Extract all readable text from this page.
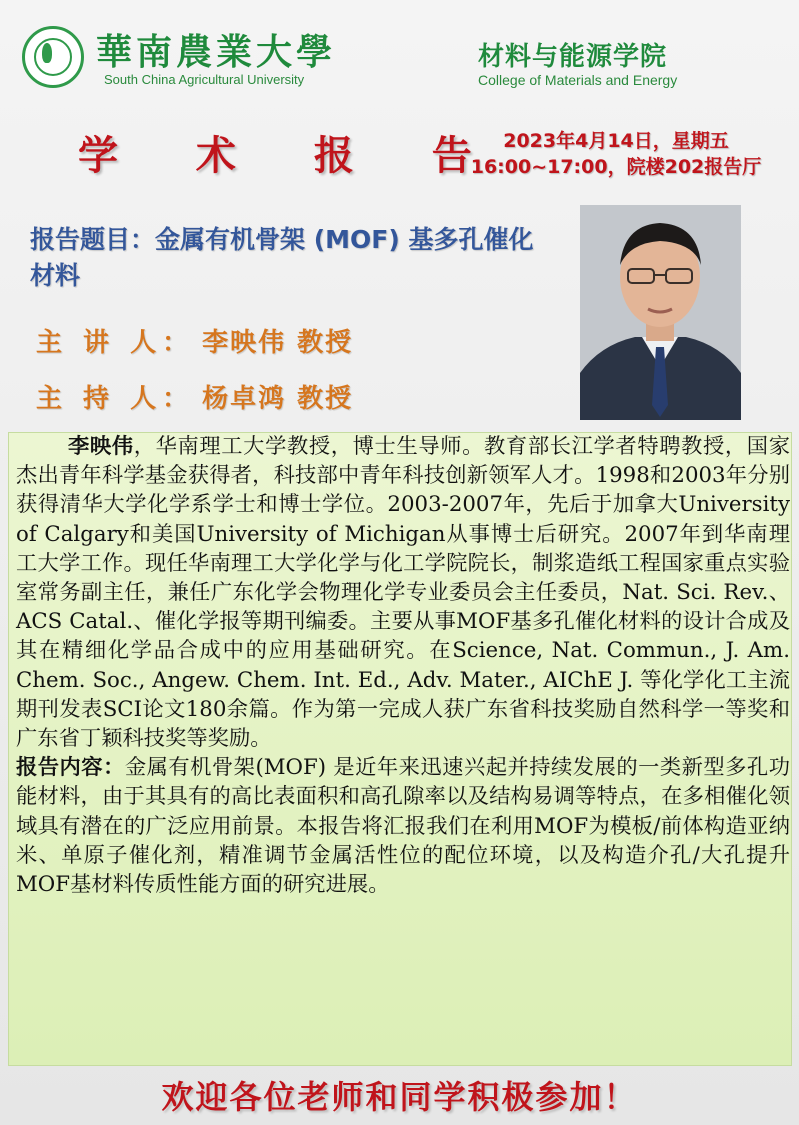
華南農業大學
South China Agricultural University
材料与能源学院
College of Materials and Energy
学 术 报 告 2023年4月14日，星期五
16:00~17:00，院楼202报告厅
报告题目：金属有机骨架 (MOF) 基多孔催化材料
主 讲 人： 李映伟 教授
主 持 人： 杨卓鸿 教授

李映伟，华南理工大学教授，博士生导师。教育部长江学者特聘教授，国家杰出青年科学基金获得者，科技部中青年科技创新领军人才。1998和2003年分别获得清华大学化学系学士和博士学位。2003-2007年，先后于加拿大University of Calgary和美国University of Michigan从事博士后研究。2007年到华南理工大学工作。现任华南理工大学化学与化工学院院长，制浆造纸工程国家重点实验室常务副主任，兼任广东化学会物理化学专业委员会主任委员，Nat. Sci. Rev.、ACS Catal.、催化学报等期刊编委。主要从事MOF基多孔催化材料的设计合成及其在精细化学品合成中的应用基础研究。在Science, Nat. Commun., J. Am. Chem. Soc., Angew. Chem. Int. Ed., Adv. Mater., AIChE J. 等化学化工主流期刊发表SCI论文180余篇。作为第一完成人获广东省科技奖励自然科学一等奖和广东省丁颖科技奖等奖励。

报告内容：金属有机骨架(MOF) 是近年来迅速兴起并持续发展的一类新型多孔功能材料，由于其具有的高比表面积和高孔隙率以及结构易调等特点，在多相催化领域具有潜在的广泛应用前景。本报告将汇报我们在利用MOF为模板/前体构造亚纳米、单原子催化剂，精准调节金属活性位的配位环境，以及构造介孔/大孔提升MOF基材料传质性能方面的研究进展。

欢迎各位老师和同学积极参加！
